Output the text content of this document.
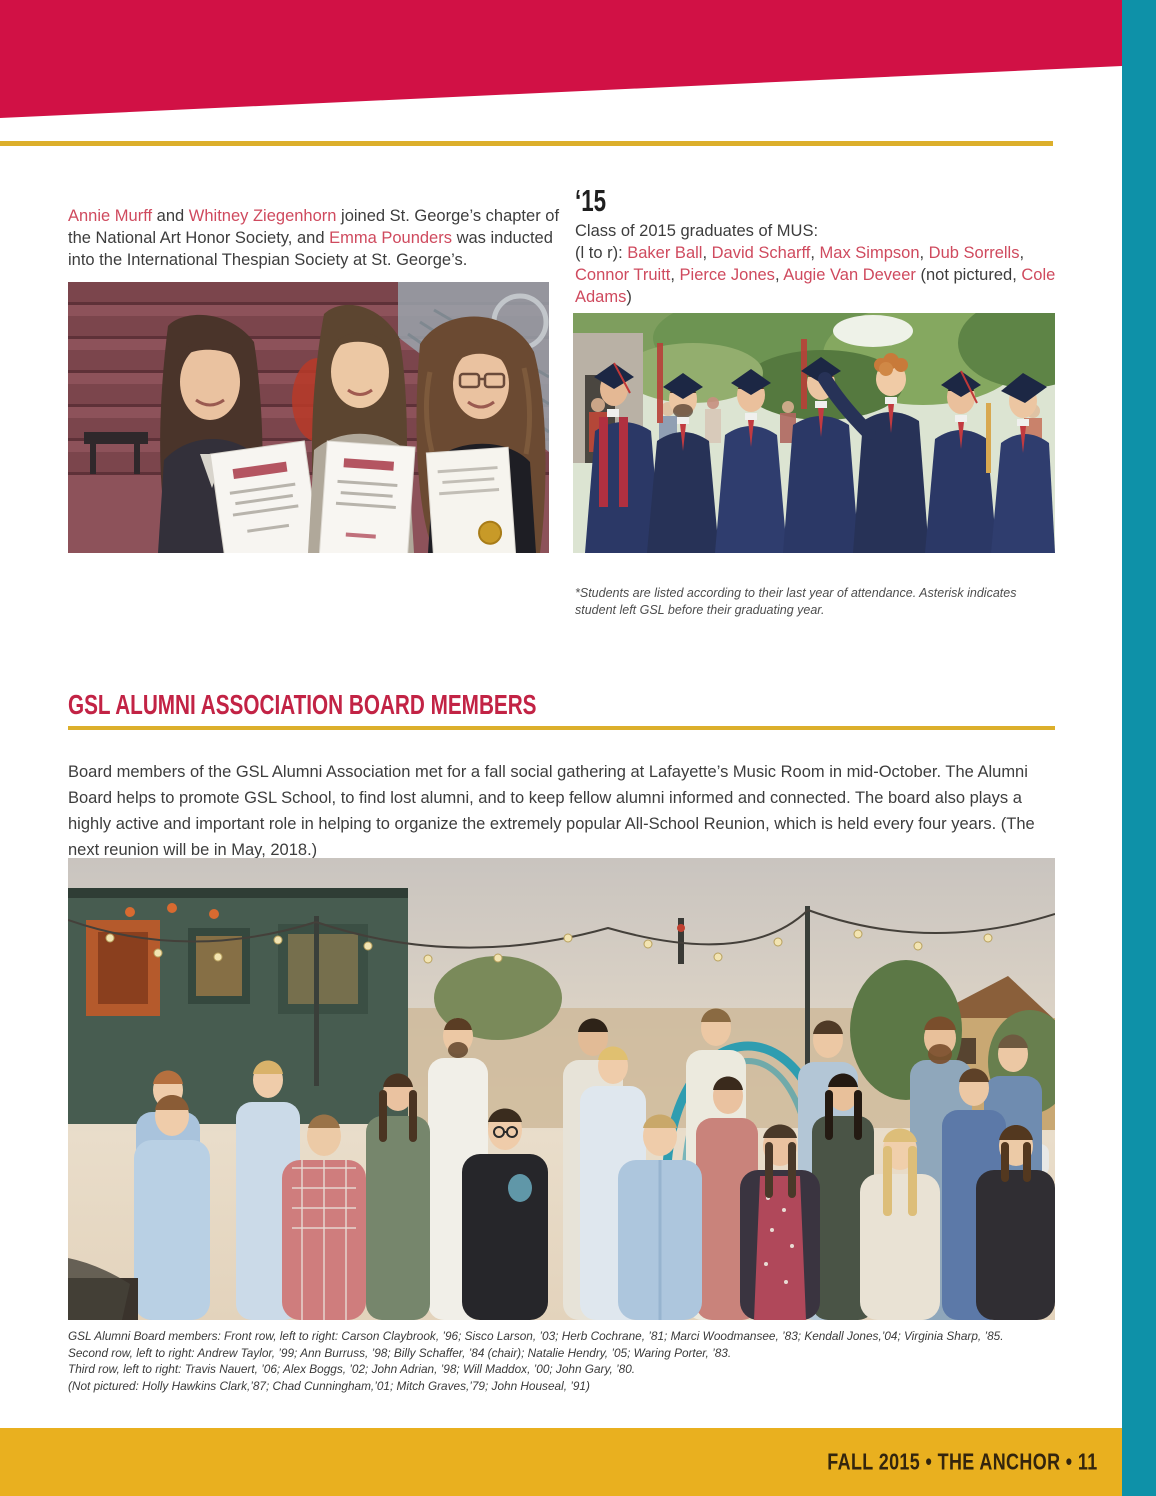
Annie Murff and Whitney Ziegenhorn joined St. George’s chapter of the National Art Honor Society, and Emma Pounders was inducted into the International Thespian Society at St. George’s.

‘15
Class of 2015 graduates of MUS:
(l to r): Baker Ball, David Scharff, Max Simpson, Dub Sorrells, Connor Truitt, Pierce Jones, Augie Van Deveer (not pictured, Cole Adams)

*Students are listed according to their last year of attendance. Asterisk indicates student left GSL before their graduating year.

GSL ALUMNI ASSOCIATION BOARD MEMBERS

Board members of the GSL Alumni Association met for a fall social gathering at Lafayette’s Music Room in mid-October. The Alumni Board helps to promote GSL School, to find lost alumni, and to keep fellow alumni informed and connected. The board also plays a highly active and important role in helping to organize the extremely popular All-School Reunion, which is held every four years. (The next reunion will be in May, 2018.)

GSL Alumni Board members: Front row, left to right: Carson Claybrook, ’96; Sisco Larson, ’03; Herb Cochrane, ’81; Marci Woodmansee, ’83; Kendall Jones,’04; Virginia Sharp, ’85.
Second row, left to right: Andrew Taylor, ’99; Ann Burruss, ’98; Billy Schaffer, ’84 (chair); Natalie Hendry, ’05; Waring Porter, ’83.
Third row, left to right: Travis Nauert, ’06; Alex Boggs, ’02; John Adrian, ’98; Will Maddox, ’00; John Gary, ’80.
(Not pictured: Holly Hawkins Clark,’87; Chad Cunningham,’01; Mitch Graves,’79; John Houseal, ’91)
FALL 2015 • THE ANCHOR • 11
